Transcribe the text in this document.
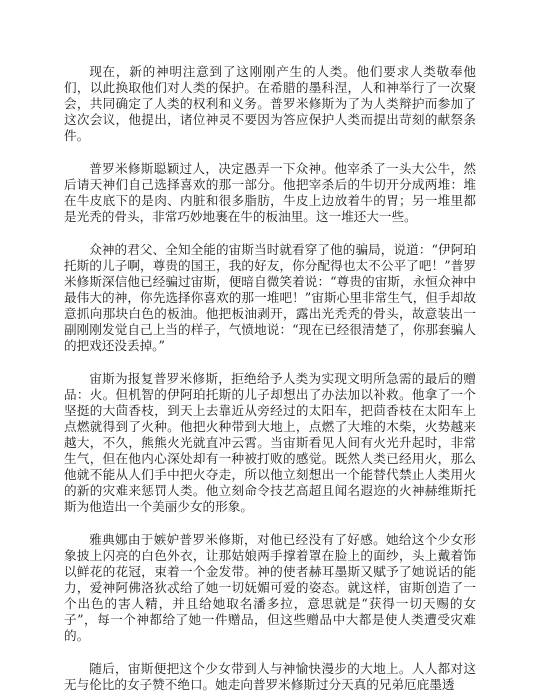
现在，新的神明注意到了这刚刚产生的人类。他们要求人类敬奉他们，以此换取他们对人类的保护。在希腊的墨科涅，人和神举行了一次聚会，共同确定了人类的权利和义务。普罗米修斯为了为人类辩护而参加了这次会议，他提出，诸位神灵不要因为答应保护人类而提出苛刻的献祭条件。

普罗米修斯聪颖过人，决定愚弄一下众神。他宰杀了一头大公牛，然后请天神们自己选择喜欢的那一部分。他把宰杀后的牛切开分成两堆：堆在牛皮底下的是肉、内脏和很多脂肪，牛皮上边放着牛的胃；另一堆里都是光秃的骨头，非常巧妙地裹在牛的板油里。这一堆还大一些。

众神的君父、全知全能的宙斯当时就看穿了他的骗局，说道：“伊阿珀托斯的儿子啊，尊贵的国王，我的好友，你分配得也太不公平了吧！”普罗米修斯深信他已经骗过宙斯，便暗自微笑着说：“尊贵的宙斯，永恒众神中最伟大的神，你先选择你喜欢的那一堆吧！”宙斯心里非常生气，但手却故意抓向那块白色的板油。他把板油剥开，露出光秃秃的骨头，故意装出一副刚刚发觉自己上当的样子，气愤地说：“现在已经很清楚了，你那套骗人的把戏还没丢掉。”

宙斯为报复普罗米修斯，拒绝给予人类为实现文明所急需的最后的赠品：火。但机智的伊阿珀托斯的儿子却想出了办法加以补救。他拿了一个坚挺的大茴香枝，到天上去靠近从旁经过的太阳车，把茴香枝在太阳车上点燃就得到了火种。他把火种带到大地上，点燃了大堆的木柴，火势越来越大，不久，熊熊火光就直冲云霄。当宙斯看见人间有火光升起时，非常生气，但在他内心深处却有一种被打败的感觉。既然人类已经用火，那么他就不能从人们手中把火夺走，所以他立刻想出一个能替代禁止人类用火的新的灾难来惩罚人类。他立刻命令技艺高超且闻名遐迩的火神赫维斯托斯为他造出一个美丽少女的形象。

雅典娜由于嫉妒普罗米修斯，对他已经没有了好感。她给这个少女形象披上闪亮的白色外衣，让那姑娘两手撑着罩在脸上的面纱，头上戴着饰以鲜花的花冠，束着一个金发带。神的使者赫耳墨斯又赋予了她说话的能力，爱神阿佛洛狄忒给了她一切妩媚可爱的姿态。就这样，宙斯创造了一个出色的害人精，并且给她取名潘多拉，意思就是“获得一切天赐的女子”，每一个神都给了她一件赠品，但这些赠品中大都是使人类遭受灾难的。

随后，宙斯便把这个少女带到人与神愉快漫步的大地上。人人都对这无与伦比的女子赞不绝口。她走向普罗米修斯过分天真的兄弟厄庇墨透
